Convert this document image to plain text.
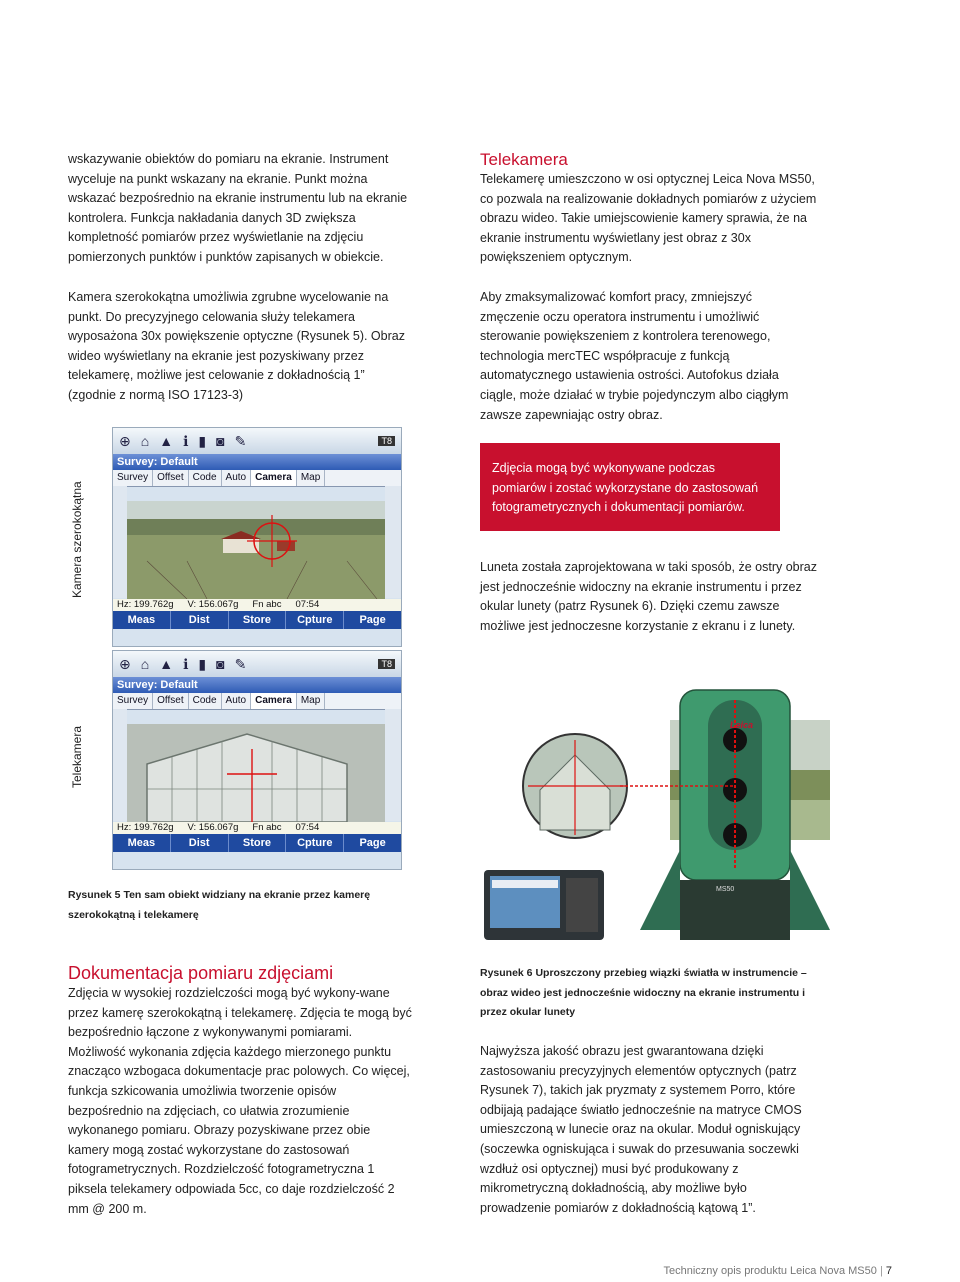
wskazywanie obiektów do pomiaru na ekranie. Instrument wyceluje na punkt wskazany na ekranie. Punkt można wskazać bezpośrednio na ekranie instrumentu lub na ekranie kontrolera. Funkcja nakładania danych 3D zwiększa kompletność pomiarów przez wyświetlanie na zdjęciu pomierzonych punktów i punktów zapisanych w obiekcie.

Kamera szerokokątna umożliwia zgrubne wycelowanie na punkt. Do precyzyjnego celowania służy telekamera wyposażona 30x powiększenie optyczne (Rysunek 5). Obraz wideo wyświetlany na ekranie jest pozyskiwany przez telekamerę, możliwe jest celowanie z dokładnością 1” (zgodnie z normą ISO 17123-3)

Telekamera

Telekamerę umieszczono w osi optycznej Leica Nova MS50, co pozwala na realizowanie dokładnych pomiarów z użyciem obrazu wideo. Takie umiejscowienie kamery sprawia, że na ekranie instrumentu wyświetlany jest obraz z 30x powiększeniem optycznym.

Aby zmaksymalizować komfort pracy, zmniejszyć zmęczenie oczu operatora instrumentu i umożliwić sterowanie powiększeniem z kontrolera terenowego, technologia mercTEC współpracuje z funkcją automatycznego ustawienia ostrości. Autofokus działa ciągle, może działać w trybie pojedynczym albo ciągłym zawsze zapewniając ostry obraz.

Zdjęcia mogą być wykonywane podczas pomiarów i zostać wykorzystane do zastosowań fotogrametrycznych i dokumentacji pomiarów.

Luneta została zaprojektowana w taki sposób, że ostry obraz jest jednocześnie widoczny na ekranie instrumentu i przez okular lunety (patrz Rysunek 6). Dzięki czemu zawsze możliwe jest jednoczesne korzystanie z ekranu i z lunety.

Kamera szerokokątna
Telekamera
⊕ ⌂ ▲ ℹ ▮ ◙ ✎	T8
Survey: Default
Survey Offset Code Auto Camera Map
Hz: 199.762g V: 156.067g Fn abc 07:54
Meas	Dist	Store	Cpture	Page
⊕ ⌂ ▲ ℹ ▮ ◙ ✎	T8
Survey: Default
Survey Offset Code Auto Camera Map
Hz: 199.762g V: 156.067g Fn abc 07:54
Meas	Dist	Store	Cpture	Page
Leica
MS50

Rysunek 5 Ten sam obiekt widziany na ekranie przez kamerę szerokokątną i telekamerę

Dokumentacja pomiaru zdjęciami

Zdjęcia w wysokiej rozdzielczości mogą być wykony-wane przez kamerę szerokokątną i telekamerę. Zdjęcia te mogą być bezpośrednio łączone z wykonywanymi pomiarami. Możliwość wykonania zdjęcia każdego mierzonego punktu znacząco wzbogaca dokumentacje prac polowych. Co więcej, funkcja szkicowania umożliwia tworzenie opisów bezpośrednio na zdjęciach, co ułatwia zrozumienie wykonanego pomiaru. Obrazy pozyskiwane przez obie kamery mogą zostać wykorzystane do zastosowań fotogrametrycznych. Rozdzielczość fotogrametryczna 1 piksela telekamery odpowiada 5cc, co daje rozdzielczość 2 mm @ 200 m.

Rysunek 6 Uproszczony przebieg wiązki światła w instrumencie – obraz wideo jest jednocześnie widoczny na ekranie instrumentu i przez okular lunety

Najwyższa jakość obrazu jest gwarantowana dzięki zastosowaniu precyzyjnych elementów optycznych (patrz Rysunek 7), takich jak pryzmaty z systemem Porro, które odbijają padające światło jednocześnie na matryce CMOS umieszczoną w lunecie oraz na okular. Moduł ogniskujący (soczewka ogniskująca i suwak do przesuwania soczewki wzdłuż osi optycznej) musi być produkowany z mikrometryczną dokładnością, aby możliwe było prowadzenie pomiarów z dokładnością kątową 1”.

Techniczny opis produktu Leica Nova MS50 | 7
